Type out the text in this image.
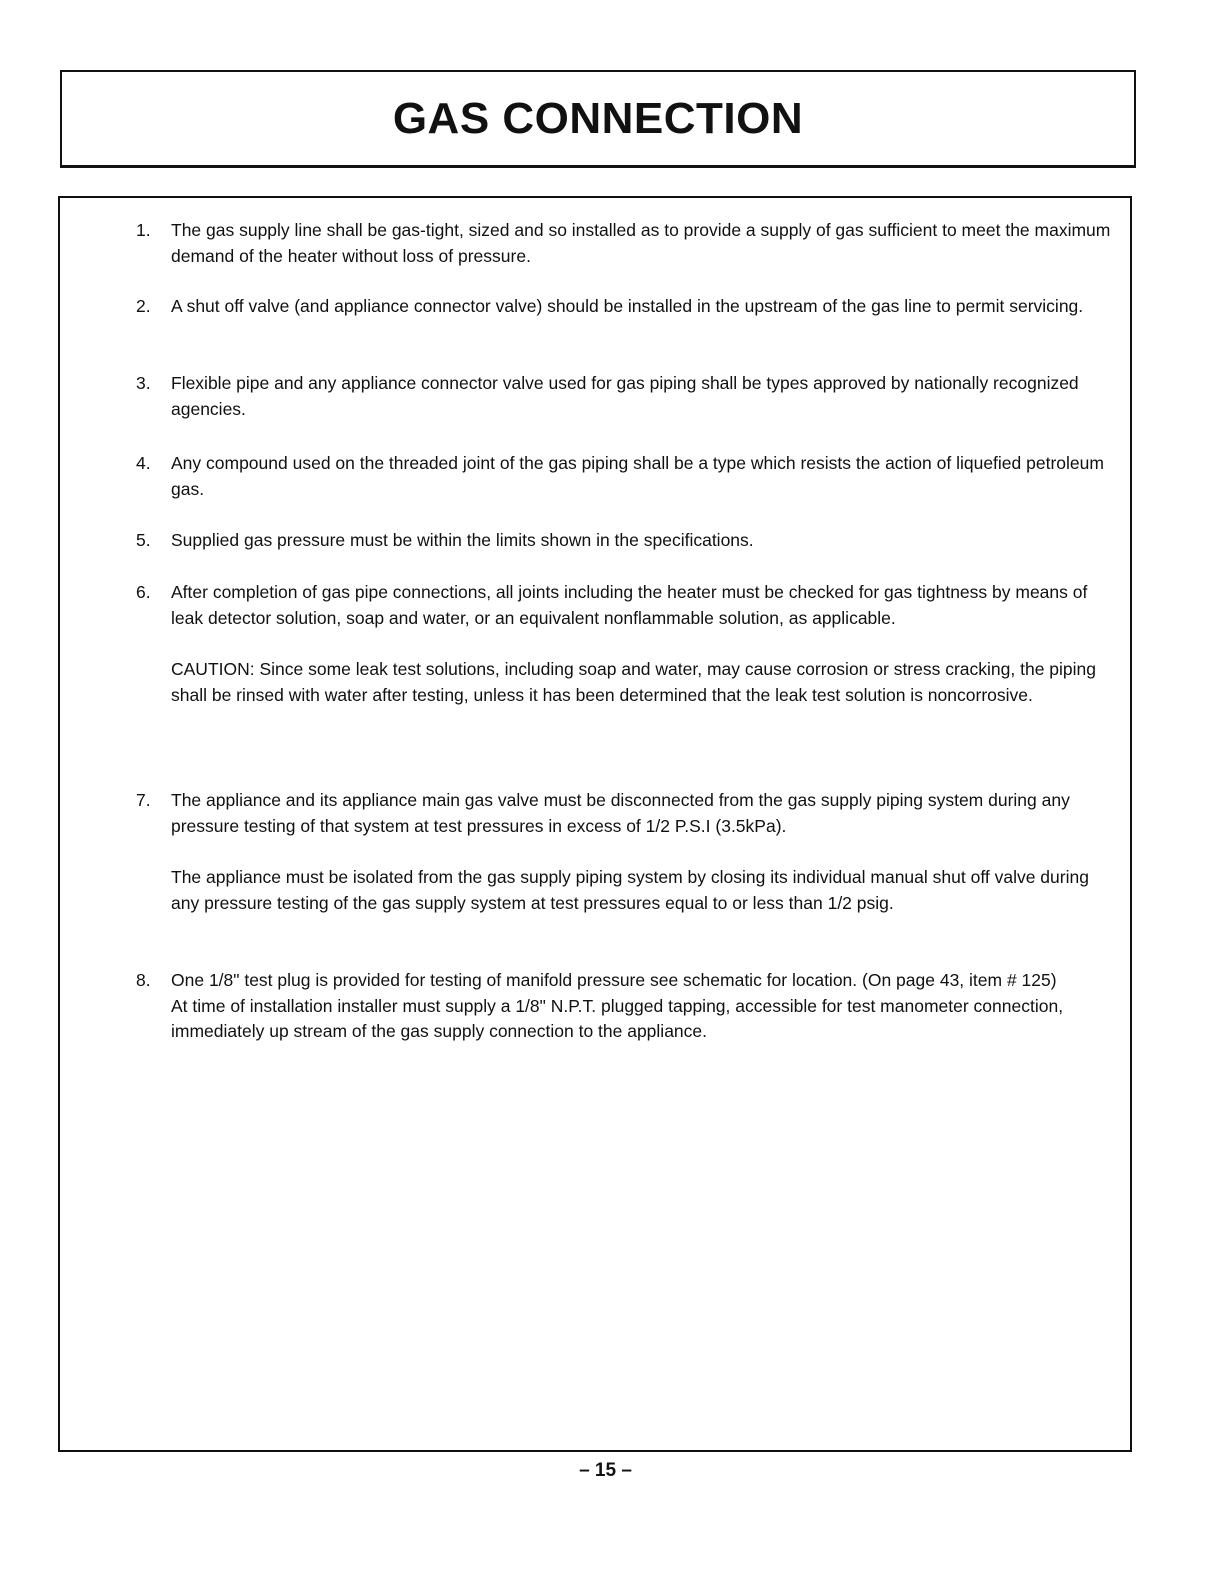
GAS CONNECTION
1.	The gas supply line shall be gas-tight, sized and so installed as to provide a supply of gas sufficient to meet the maximum demand of the heater without loss of pressure.

2.	A shut off valve (and appliance connector valve) should be installed in the upstream of the gas line to permit servicing.

3.	Flexible pipe and any appliance connector valve used for gas piping shall be types approved by nationally recognized agencies.

4.	Any compound used on the threaded joint of the gas piping shall be a type which resists the action of liquefied petroleum gas.

5.	Supplied gas pressure must be within the limits shown in the specifications.

6.	After completion of gas pipe connections, all joints including the heater must be checked for gas tightness by means of leak detector solution, soap and water, or an equivalent nonflammable solution, as applicable.

CAUTION: Since some leak test solutions, including soap and water, may cause corrosion or stress cracking, the piping shall be rinsed with water after testing, unless it has been determined that the leak test solution is noncorrosive.

7.	The appliance and its appliance main gas valve must be disconnected from the gas supply piping system during any pressure testing of that system at test pressures in excess of 1/2 P.S.I (3.5kPa).

The appliance must be isolated from the gas supply piping system by closing its individual manual shut off valve during any pressure testing of the gas supply system at test pressures equal to or less than 1/2 psig.

8.	One 1/8" test plug is provided for testing of manifold pressure see schematic for location. (On page 43, item # 125)

At time of installation installer must supply a 1/8" N.P.T. plugged tapping, accessible for test manometer connection, immediately up stream of the gas supply connection to the appliance.

– 15 –
